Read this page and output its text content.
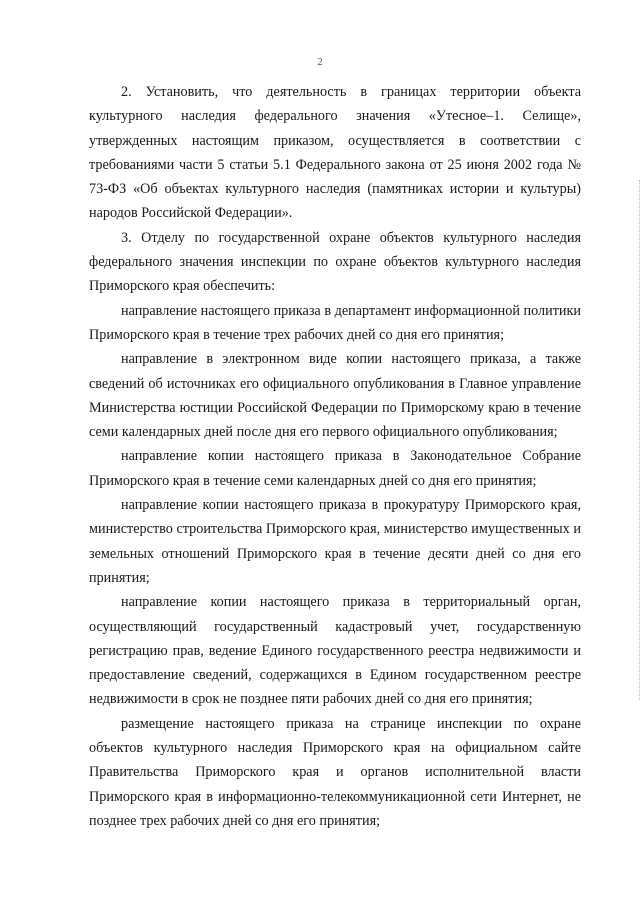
2

2. Установить, что деятельность в границах территории объекта культурного наследия федерального значения «Утесное–1. Селище», утвержденных настоящим приказом, осуществляется в соответствии с требованиями части 5 статьи 5.1 Федерального закона от 25 июня 2002 года № 73-ФЗ «Об объектах культурного наследия (памятниках истории и культуры) народов Российской Федерации».

3. Отделу по государственной охране объектов культурного наследия федерального значения инспекции по охране объектов культурного наследия Приморского края обеспечить:

направление настоящего приказа в департамент информационной политики Приморского края в течение трех рабочих дней со дня его принятия;

направление в электронном виде копии настоящего приказа, а также сведений об источниках его официального опубликования в Главное управление Министерства юстиции Российской Федерации по Приморскому краю в течение семи календарных дней после дня его первого официального опубликования;

направление копии настоящего приказа в Законодательное Собрание Приморского края в течение семи календарных дней со дня его принятия;

направление копии настоящего приказа в прокуратуру Приморского края, министерство строительства Приморского края, министерство имущественных и земельных отношений Приморского края в течение десяти дней со дня его принятия;

направление копии настоящего приказа в территориальный орган, осуществляющий государственный кадастровый учет, государственную регистрацию прав, ведение Единого государственного реестра недвижимости и предоставление сведений, содержащихся в Едином государственном реестре недвижимости в срок не позднее пяти рабочих дней со дня его принятия;

размещение настоящего приказа на странице инспекции по охране объектов культурного наследия Приморского края на официальном сайте Правительства Приморского края и органов исполнительной власти Приморского края в информационно-телекоммуникационной сети Интернет, не позднее трех рабочих дней со дня его принятия;
